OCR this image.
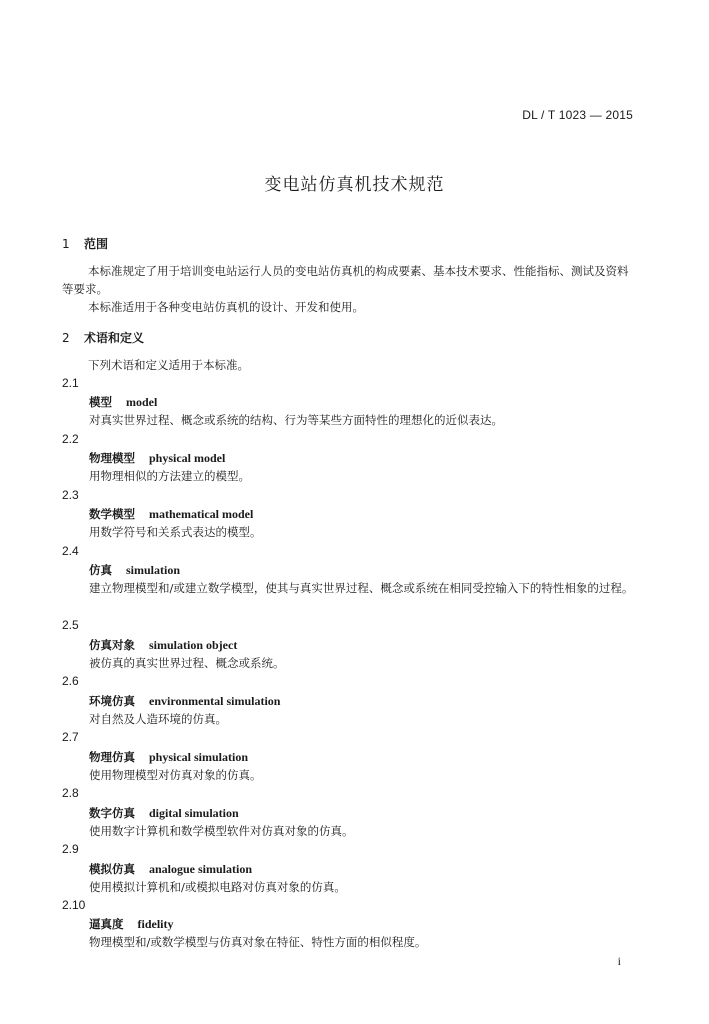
DL / T 1023 — 2015
变电站仿真机技术规范
1 范围
本标准规定了用于培训变电站运行人员的变电站仿真机的构成要素、基本技术要求、性能指标、测试及资料等要求。
本标准适用于各种变电站仿真机的设计、开发和使用。
2 术语和定义
下列术语和定义适用于本标准。
2.1
模型 model
对真实世界过程、概念或系统的结构、行为等某些方面特性的理想化的近似表达。
2.2
物理模型 physical model
用物理相似的方法建立的模型。
2.3
数学模型 mathematical model
用数学符号和关系式表达的模型。
2.4
仿真 simulation
建立物理模型和/或建立数学模型，使其与真实世界过程、概念或系统在相同受控输入下的特性相象的过程。
2.5
仿真对象 simulation object
被仿真的真实世界过程、概念或系统。
2.6
环境仿真 environmental simulation
对自然及人造环境的仿真。
2.7
物理仿真 physical simulation
使用物理模型对仿真对象的仿真。
2.8
数字仿真 digital simulation
使用数字计算机和数学模型软件对仿真对象的仿真。
2.9
模拟仿真 analogue simulation
使用模拟计算机和/或模拟电路对仿真对象的仿真。
2.10
逼真度 fidelity
物理模型和/或数学模型与仿真对象在特征、特性方面的相似程度。
i
